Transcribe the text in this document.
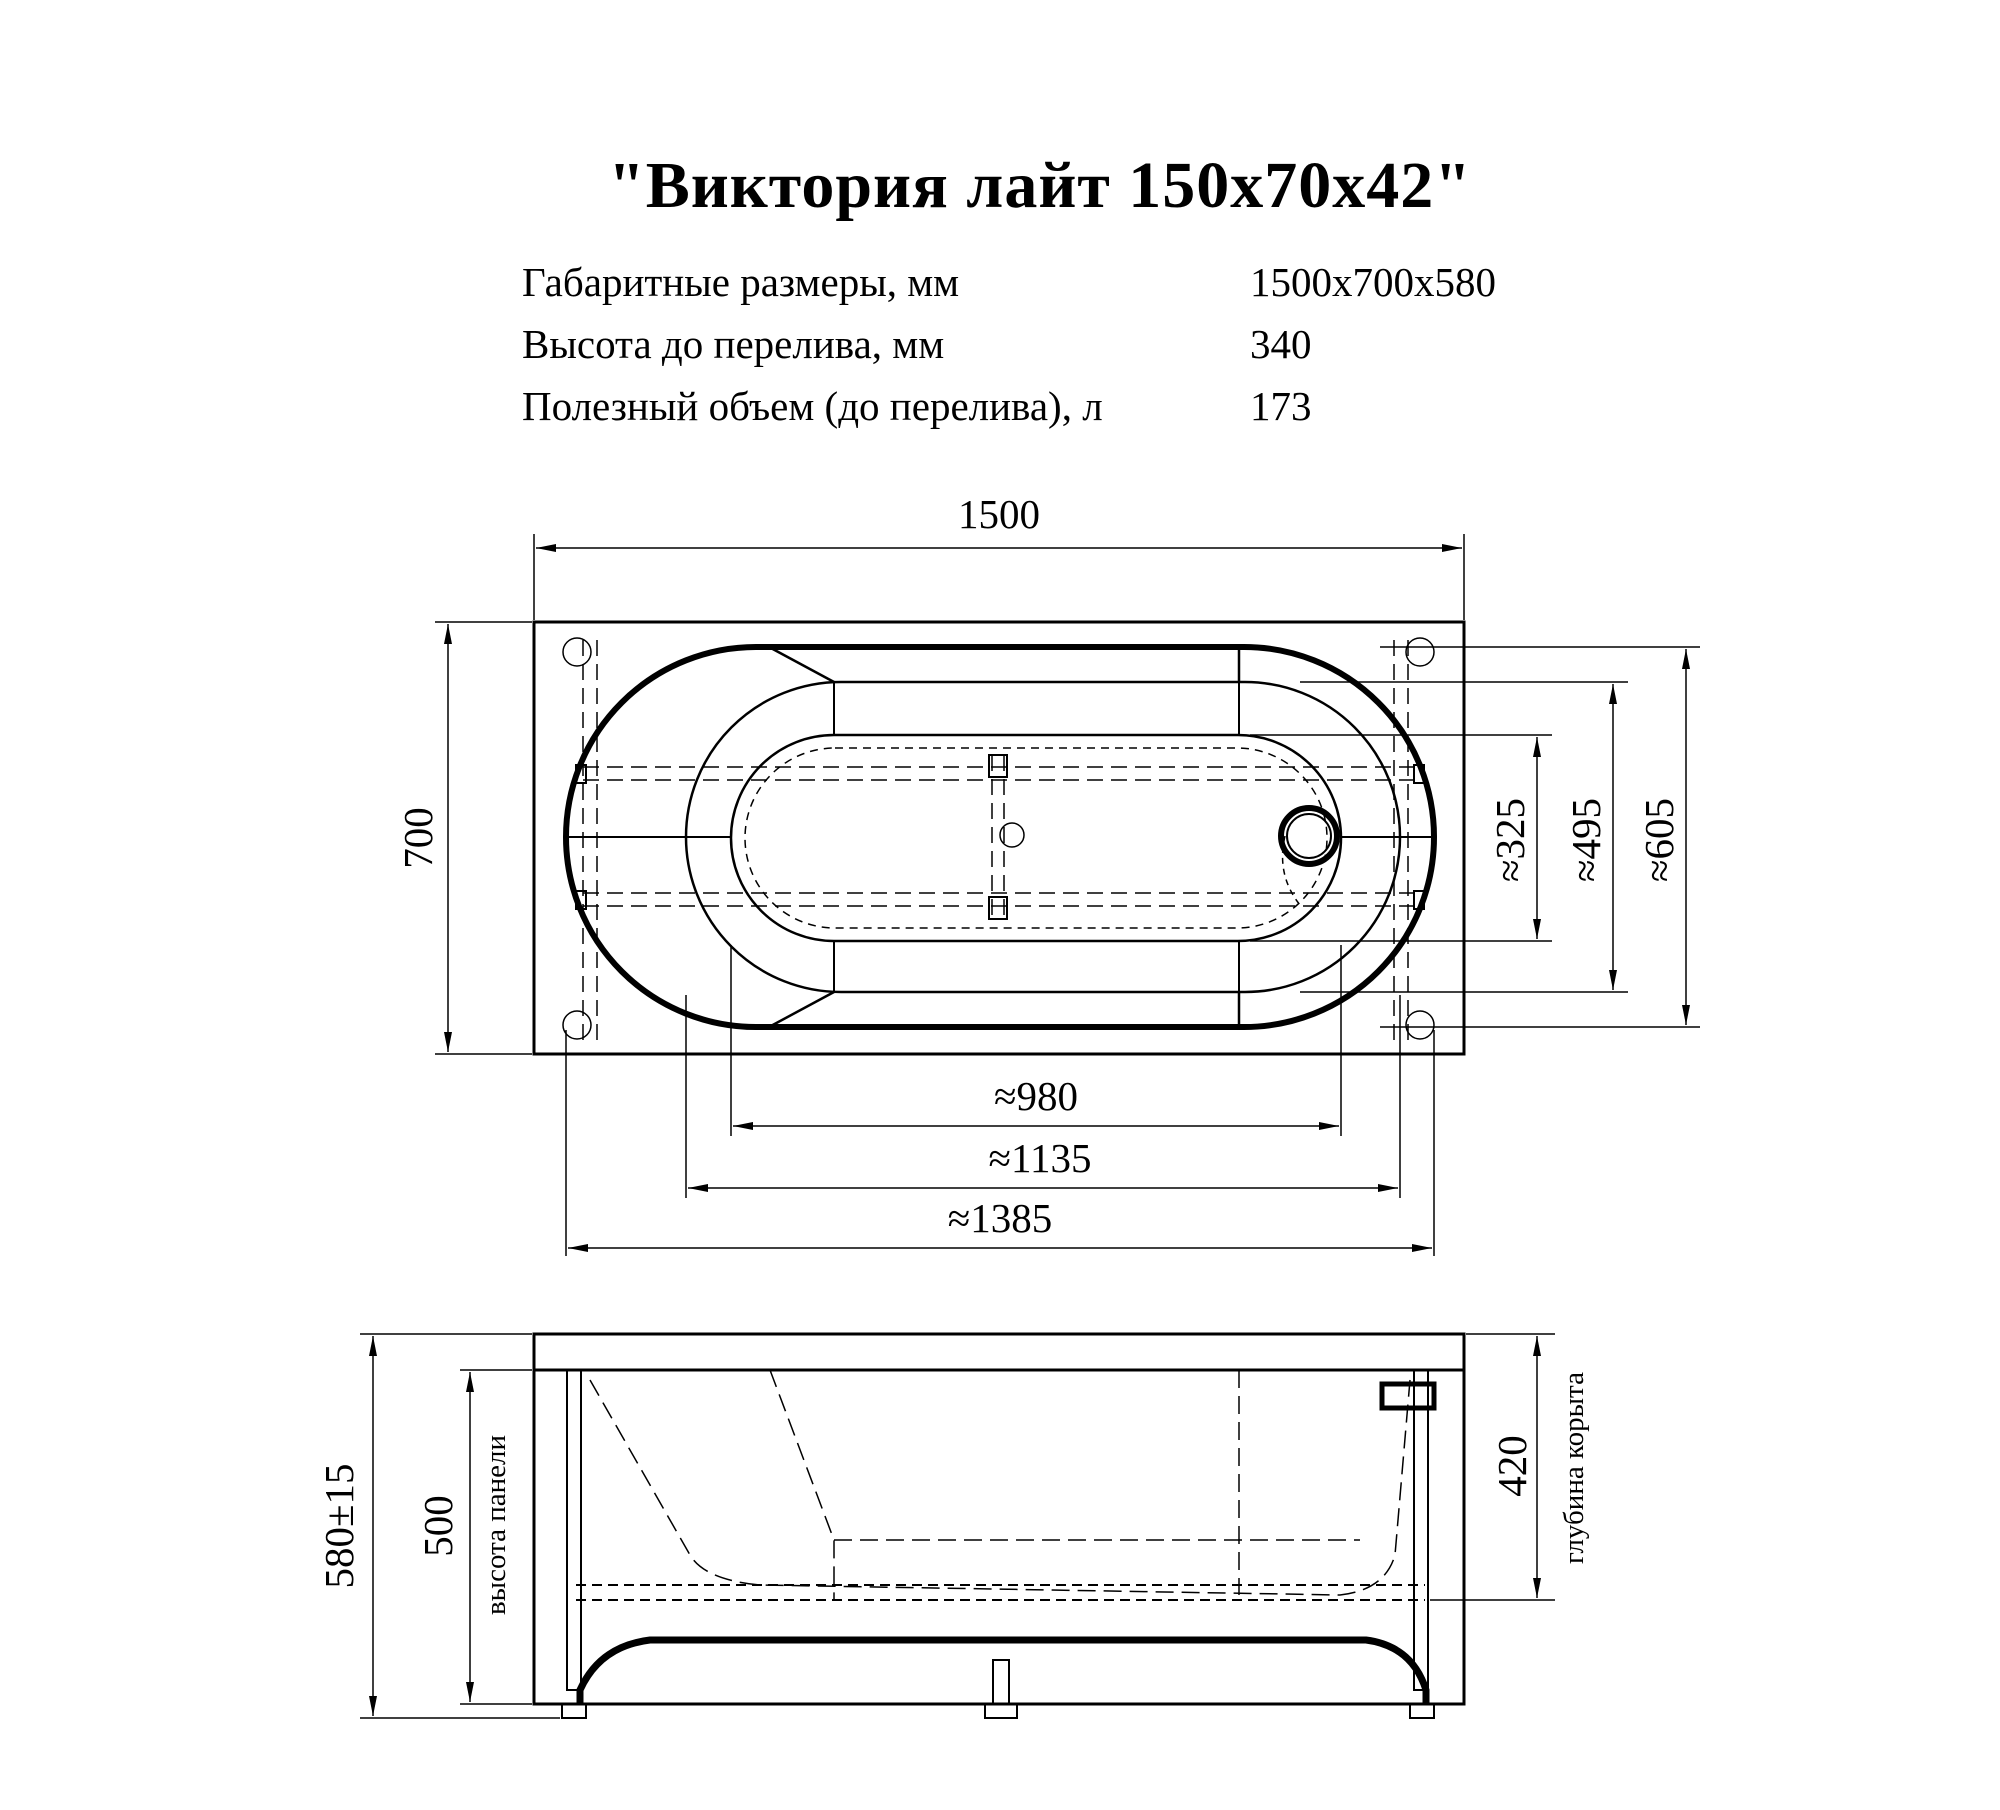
"Виктория лайт 150х70х42"
Габаритные размеры, мм	1500х700х580
Высота до перелива, мм	340
Полезный объем (до перелива), л	173
1500
700
≈980
≈1135
≈1385
≈325 ≈495 ≈605
580±15 500 высота панели	420 глубина корыта
